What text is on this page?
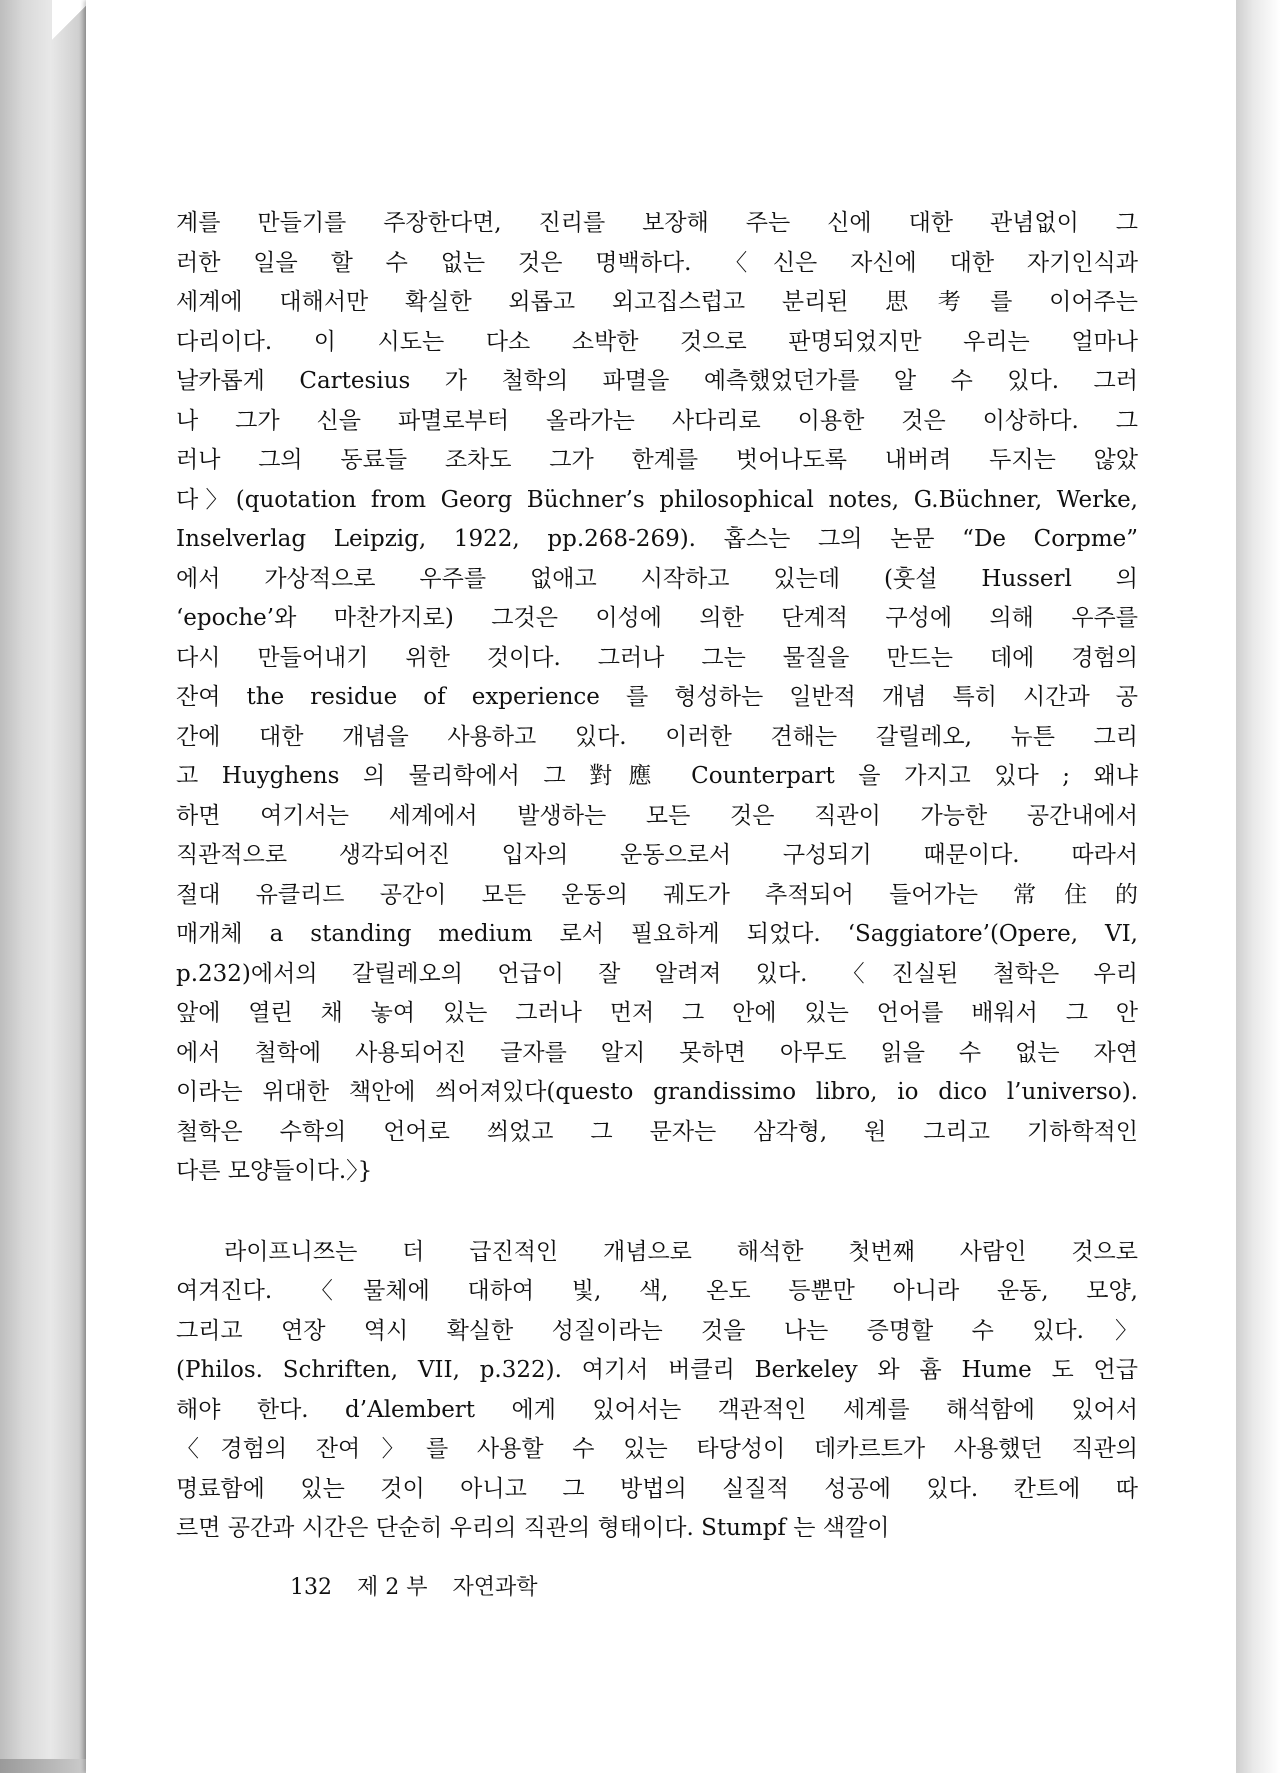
계를 만들기를 주장한다면, 진리를 보장해 주는 신에 대한 관념없이 그
러한 일을 할 수 없는 것은 명백하다. 〈신은 자신에 대한 자기인식과
세계에 대해서만 확실한 외롭고 외고집스럽고 분리된 思考를 이어주는
다리이다. 이 시도는 다소 소박한 것으로 판명되었지만 우리는 얼마나
날카롭게 Cartesius 가 철학의 파멸을 예측했었던가를 알 수 있다. 그러
나 그가 신을 파멸로부터 올라가는 사다리로 이용한 것은 이상하다. 그
러나 그의 동료들 조차도 그가 한계를 벗어나도록 내버려 두지는 않았
다〉(quotation from Georg Büchner’s philosophical notes, G.Büchner, Werke,
Inselverlag Leipzig, 1922, pp.268-269). 홉스는 그의 논문 “De Corpme”
에서 가상적으로 우주를 없애고 시작하고 있는데 (훗설 Husserl 의
‘epoche’와 마찬가지로) 그것은 이성에 의한 단계적 구성에 의해 우주를
다시 만들어내기 위한 것이다. 그러나 그는 물질을 만드는 데에 경험의
잔여 the residue of experience 를 형성하는 일반적 개념 특히 시간과 공
간에 대한 개념을 사용하고 있다. 이러한 견해는 갈릴레오, 뉴튼 그리
고 Huyghens 의 물리학에서 그 對應 Counterpart 을 가지고 있다 ; 왜냐
하면 여기서는 세계에서 발생하는 모든 것은 직관이 가능한 공간내에서
직관적으로 생각되어진 입자의 운동으로서 구성되기 때문이다. 따라서
절대 유클리드 공간이 모든 운동의 궤도가 추적되어 들어가는 常住的
매개체 a standing medium 로서 필요하게 되었다. ‘Saggiatore’(Opere, VI,
p.232)에서의 갈릴레오의 언급이 잘 알려져 있다. 〈진실된 철학은 우리
앞에 열린 채 놓여 있는 그러나 먼저 그 안에 있는 언어를 배워서 그 안
에서 철학에 사용되어진 글자를 알지 못하면 아무도 읽을 수 없는 자연
이라는 위대한 책안에 씌어져있다(questo grandissimo libro, io dico l’universo).
철학은 수학의 언어로 씌었고 그 문자는 삼각형, 원 그리고 기하학적인
다른 모양들이다.〉}
라이프니쯔는 더 급진적인 개념으로 해석한 첫번째 사람인 것으로
여겨진다. 〈물체에 대하여 빛, 색, 온도 등뿐만 아니라 운동, 모양,
그리고 연장 역시 확실한 성질이라는 것을 나는 증명할 수 있다.〉
(Philos. Schriften, VII, p.322). 여기서 버클리 Berkeley 와 흄 Hume 도 언급
해야 한다. d’Alembert 에게 있어서는 객관적인 세계를 해석함에 있어서
〈경험의 잔여〉를 사용할 수 있는 타당성이 데카르트가 사용했던 직관의
명료함에 있는 것이 아니고 그 방법의 실질적 성공에 있다. 칸트에 따
르면 공간과 시간은 단순히 우리의 직관의 형태이다. Stumpf 는 색깔이
132 제 2 부 자연과학
